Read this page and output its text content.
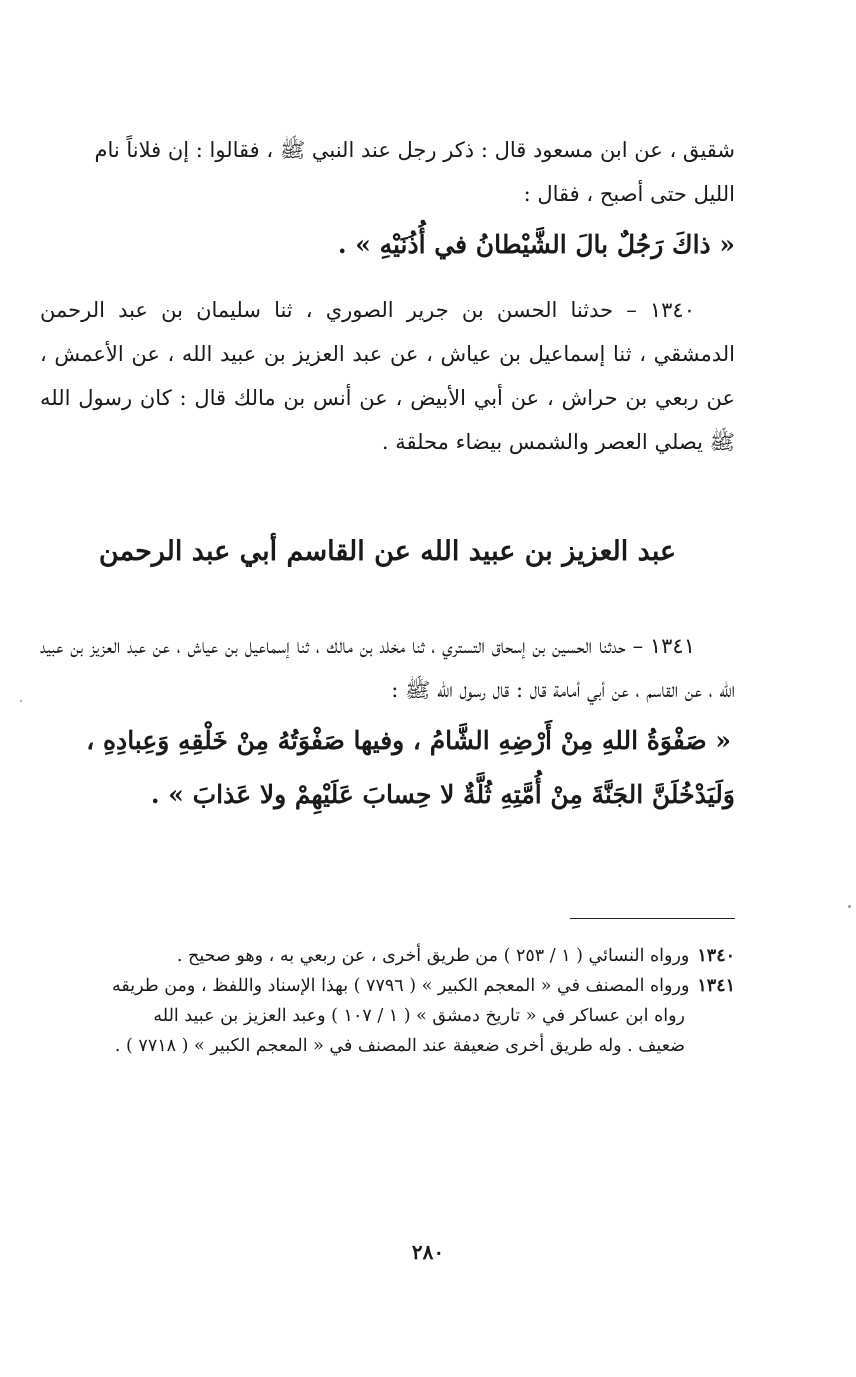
شقيق ، عن ابن مسعود قال : ذكر رجل عند النبي ﷺ ، فقالوا : إن فلاناً نام

الليل حتى أصبح ، فقال :

« ذاكَ رَجُلٌ بالَ الشَّيْطانُ في أُذُنَيْهِ » .

١٣٤٠ – حدثنا الحسن بن جرير الصوري ، ثنا سليمان بن عبد الرحمن الدمشقي ، ثنا إسماعيل بن عياش ، عن عبد العزيز بن عبيد الله ، عن الأعمش ، عن ربعي بن حراش ، عن أبي الأبيض ، عن أنس بن مالك قال : كان رسول الله ﷺ يصلي العصر والشمس بيضاء محلقة .

عبد العزيز بن عبيد الله عن القاسم أبي عبد الرحمن

١٣٤١ – حدثنا الحسين بن إسحاق التستري ، ثنا مخلد بن مالك ، ثنا إسماعيل بن عياش ، عن عبد العزيز بن عبيد الله ، عن القاسم ، عن أبي أمامة قال : قال رسول الله ﷺ :

« صَفْوَةُ اللهِ مِنْ أَرْضِهِ الشَّامُ ، وفيها صَفْوَتُهُ مِنْ خَلْقِهِ وَعِبادِهِ ،

وَلَيَدْخُلَنَّ الجَنَّةَ مِنْ أُمَّتِهِ ثُلَّةٌ لا حِسابَ عَلَيْهِمْ ولا عَذابَ » .

١٣٤٠ورواه النسائي ( ١ / ٢٥٣ ) من طريق أخرى ، عن ربعي به ، وهو صحيح .

١٣٤١ورواه المصنف في « المعجم الكبير » ( ٧٧٩٦ ) بهذا الإسناد واللفظ ، ومن طريقه

رواه ابن عساكر في « تاريخ دمشق » ( ١ / ١٠٧ ) وعبد العزيز بن عبيد الله

ضعيف . وله طريق أخرى ضعيفة عند المصنف في « المعجم الكبير » ( ٧٧١٨ ) .

٢٨٠
